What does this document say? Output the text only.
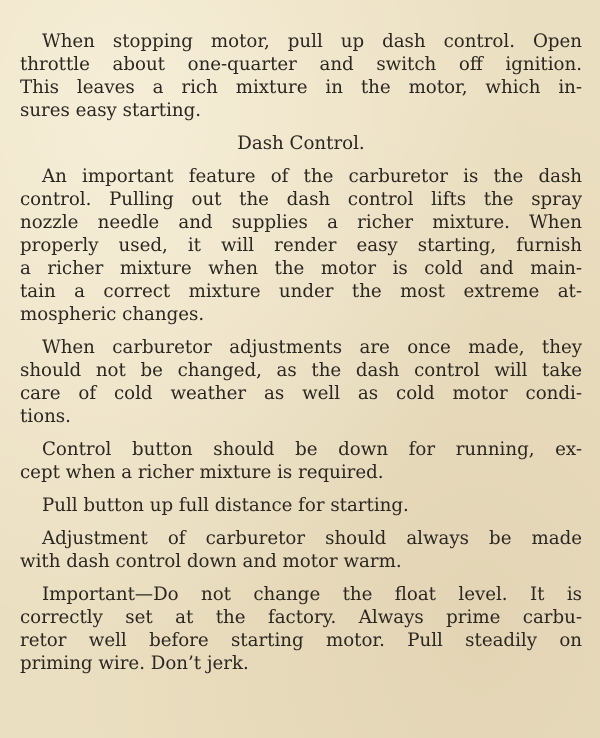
When stopping motor, pull up dash control. Open
throttle about one-quarter and switch off ignition.
This leaves a rich mixture in the motor, which in-
sures easy starting.
Dash Control.
An important feature of the carburetor is the dash
control. Pulling out the dash control lifts the spray
nozzle needle and supplies a richer mixture. When
properly used, it will render easy starting, furnish
a richer mixture when the motor is cold and main-
tain a correct mixture under the most extreme at-
mospheric changes.
When carburetor adjustments are once made, they
should not be changed, as the dash control will take
care of cold weather as well as cold motor condi-
tions.
Control button should be down for running, ex-
cept when a richer mixture is required.
Pull button up full distance for starting.
Adjustment of carburetor should always be made
with dash control down and motor warm.
Important—Do not change the float level. It is
correctly set at the factory. Always prime carbu-
retor well before starting motor. Pull steadily on
priming wire. Don’t jerk.
